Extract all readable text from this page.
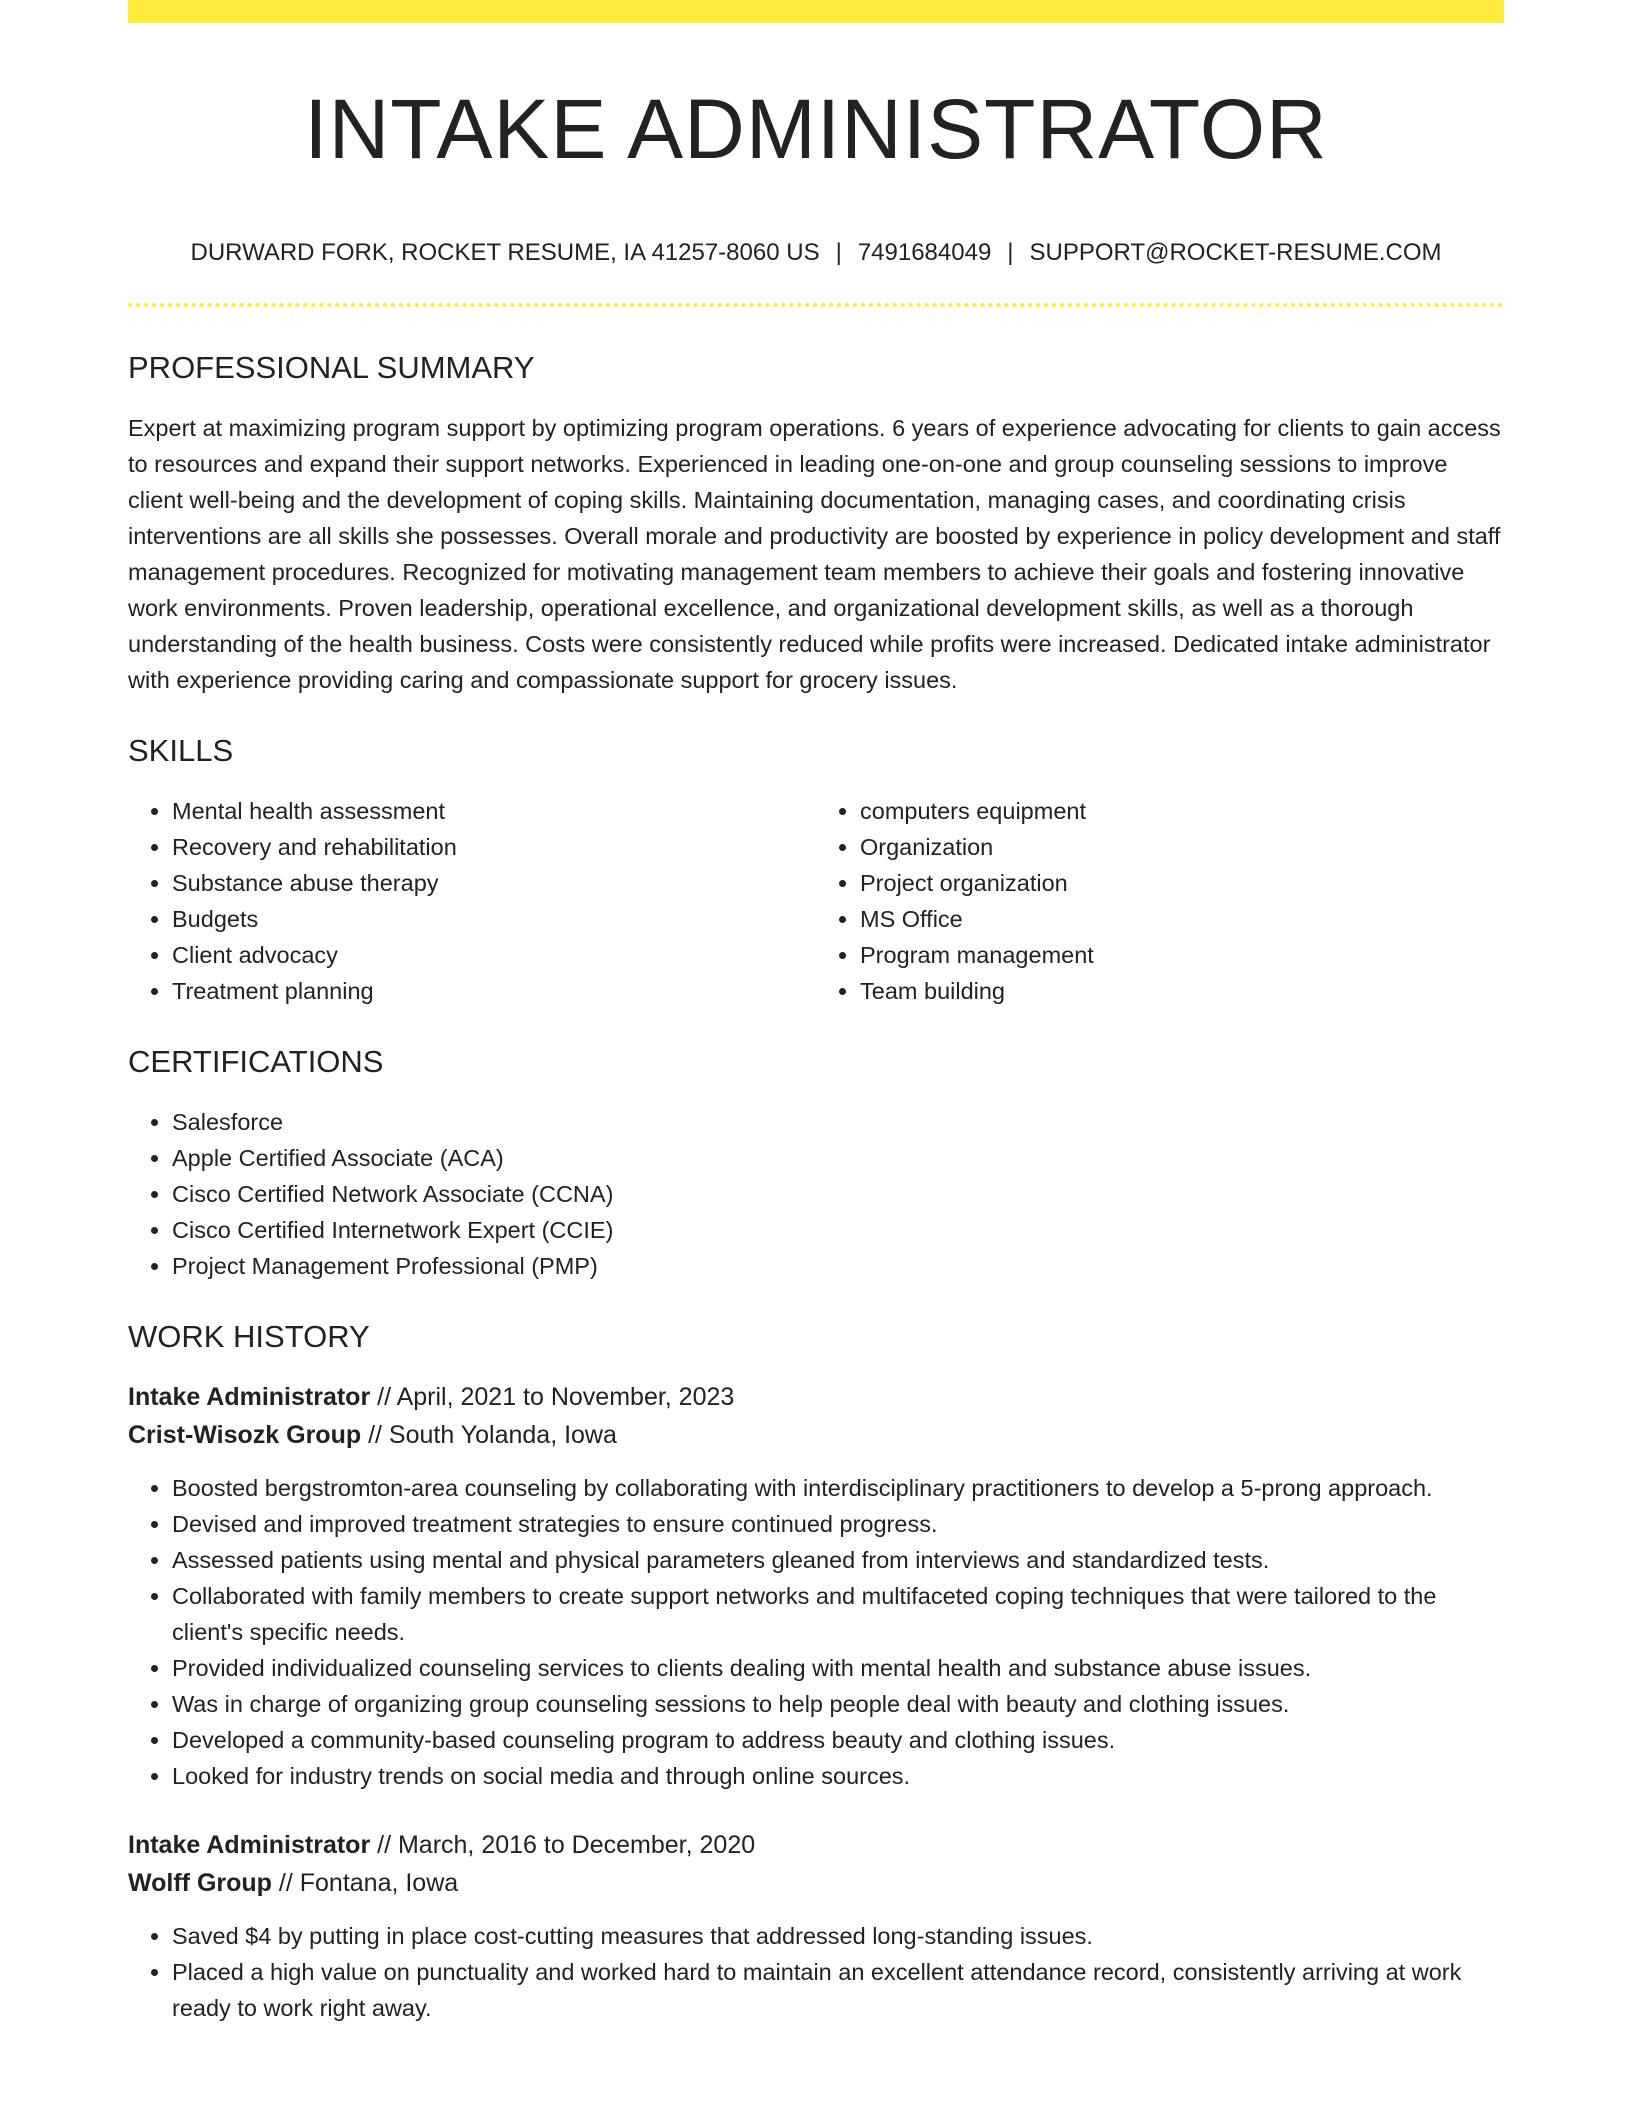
INTAKE ADMINISTRATOR
DURWARD FORK, ROCKET RESUME, IA 41257-8060 US | 7491684049 | SUPPORT@ROCKET-RESUME.COM
PROFESSIONAL SUMMARY

Expert at maximizing program support by optimizing program operations. 6 years of experience advocating for clients to gain access to resources and expand their support networks. Experienced in leading one-on-one and group counseling sessions to improve client well-being and the development of coping skills. Maintaining documentation, managing cases, and coordinating crisis interventions are all skills she possesses. Overall morale and productivity are boosted by experience in policy development and staff management procedures. Recognized for motivating management team members to achieve their goals and fostering innovative work environments. Proven leadership, operational excellence, and organizational development skills, as well as a thorough understanding of the health business. Costs were consistently reduced while profits were increased. Dedicated intake administrator with experience providing caring and compassionate support for grocery issues.

SKILLS
• Mental health assessment
• Recovery and rehabilitation
• Substance abuse therapy
• Budgets
• Client advocacy
• Treatment planning
• computers equipment
• Organization
• Project organization
• MS Office
• Program management
• Team building
CERTIFICATIONS
• Salesforce
• Apple Certified Associate (ACA)
• Cisco Certified Network Associate (CCNA)
• Cisco Certified Internetwork Expert (CCIE)
• Project Management Professional (PMP)
WORK HISTORY
Intake Administrator // April, 2021 to November, 2023
Crist-Wisozk Group // South Yolanda, Iowa
• Boosted bergstromton-area counseling by collaborating with interdisciplinary practitioners to develop a 5-prong approach.
• Devised and improved treatment strategies to ensure continued progress.
• Assessed patients using mental and physical parameters gleaned from interviews and standardized tests.
• Collaborated with family members to create support networks and multifaceted coping techniques that were tailored to the client's specific needs.
• Provided individualized counseling services to clients dealing with mental health and substance abuse issues.
• Was in charge of organizing group counseling sessions to help people deal with beauty and clothing issues.
• Developed a community-based counseling program to address beauty and clothing issues.
• Looked for industry trends on social media and through online sources.
Intake Administrator // March, 2016 to December, 2020
Wolff Group // Fontana, Iowa
• Saved $4 by putting in place cost-cutting measures that addressed long-standing issues.
• Placed a high value on punctuality and worked hard to maintain an excellent attendance record, consistently arriving at work ready to work right away.
